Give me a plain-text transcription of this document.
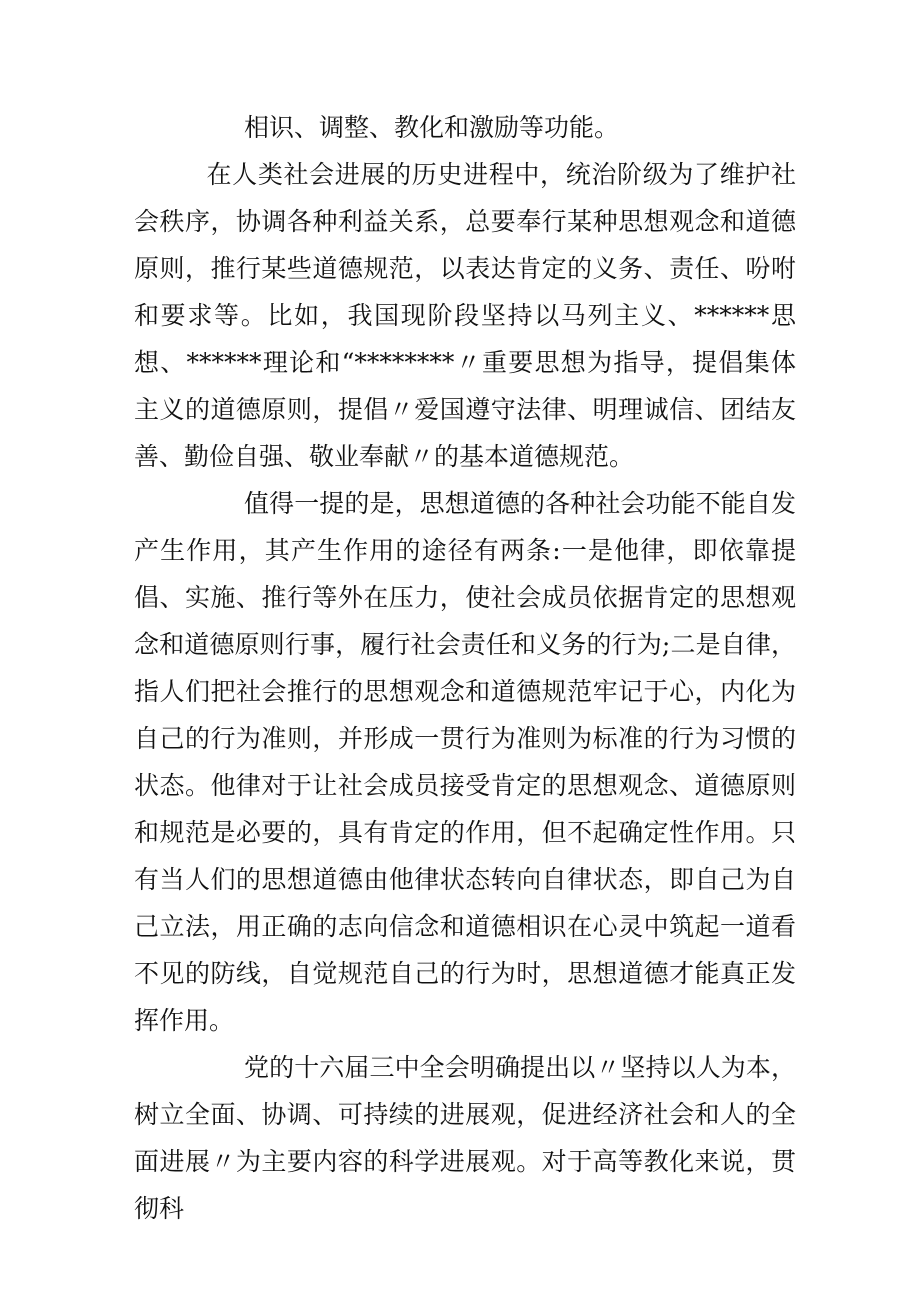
相识、调整、教化和激励等功能。

在人类社会进展的历史进程中，统治阶级为了维护社会秩序，协调各种利益关系，总要奉行某种思想观念和道德原则，推行某些道德规范，以表达肯定的义务、责任、吩咐和要求等。比如，我国现阶段坚持以马列主义、******思想、******理论和“********〃重要思想为指导，提倡集体主义的道德原则，提倡〃爱国遵守法律、明理诚信、团结友善、勤俭自强、敬业奉献〃的基本道德规范。

值得一提的是，思想道德的各种社会功能不能自发产生作用，其产生作用的途径有两条:一是他律，即依靠提倡、实施、推行等外在压力，使社会成员依据肯定的思想观念和道德原则行事，履行社会责任和义务的行为;二是自律，指人们把社会推行的思想观念和道德规范牢记于心，内化为自己的行为准则，并形成一贯行为准则为标准的行为习惯的状态。他律对于让社会成员接受肯定的思想观念、道德原则和规范是必要的，具有肯定的作用，但不起确定性作用。只有当人们的思想道德由他律状态转向自律状态，即自己为自己立法，用正确的志向信念和道德相识在心灵中筑起一道看不见的防线，自觉规范自己的行为时，思想道德才能真正发挥作用。

党的十六届三中全会明确提出以〃坚持以人为本，树立全面、协调、可持续的进展观，促进经济社会和人的全面进展〃为主要内容的科学进展观。对于高等教化来说，贯彻科
